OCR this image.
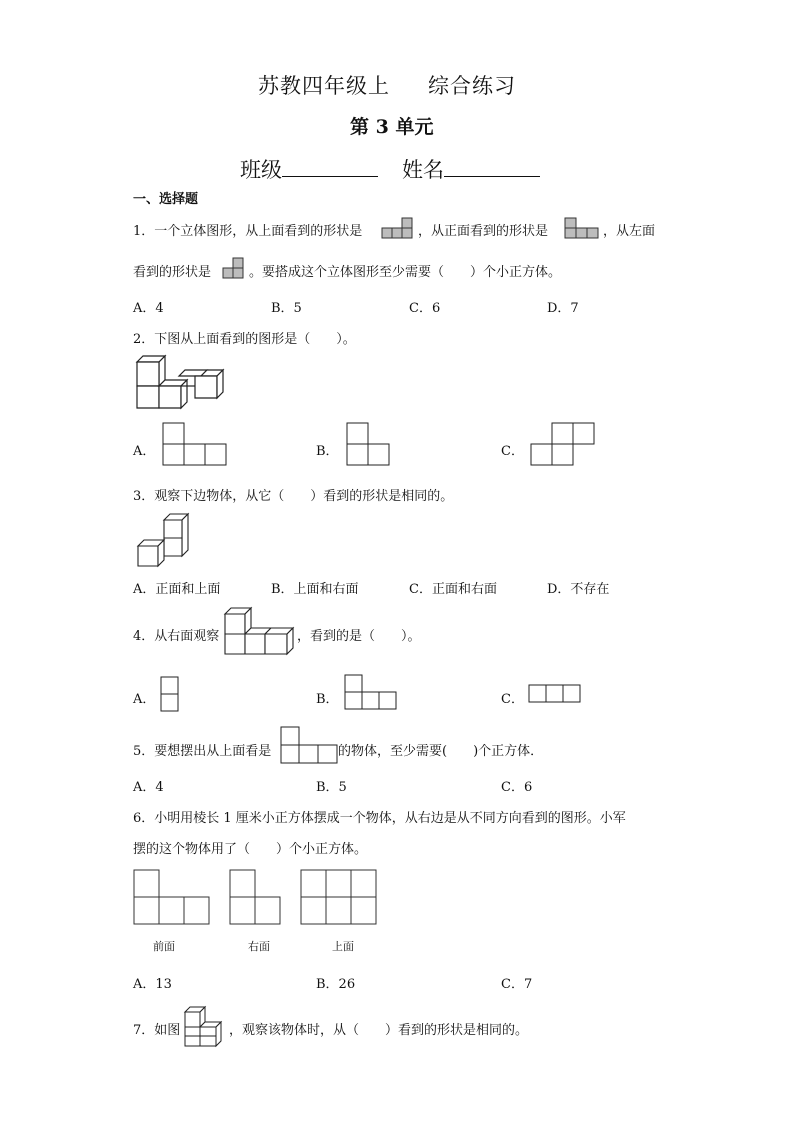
苏教四年级上 综合练习
第 3 单元
班级	姓名
一、选择题
1．一个立体图形，从上面看到的形状是	，从正面看到的形状是	，从左面
看到的形状是	。要搭成这个立体图形至少需要（　　）个小正方体。
A．4	B．5	C．6	D．7
2．下图从上面看到的图形是（　　）。
A．	B．	C．
3．观察下边物体，从它（　　）看到的形状是相同的。
A．正面和上面	B．上面和右面	C．正面和右面	D．不存在
4．从右面观察	，看到的是（　　）。
A．	B．	C．
5．要想摆出从上面看是	的物体，至少需要(　　)个正方体．
A．4	B．5	C．6
6．小明用棱长 1 厘米小正方体摆成一个物体，从右边是从不同方向看到的图形。小军
摆的这个物体用了（　　）个小正方体。
前面	右面	上面
A．13	B．26	C．7
7．如图	，观察该物体时，从（　　）看到的形状是相同的。
